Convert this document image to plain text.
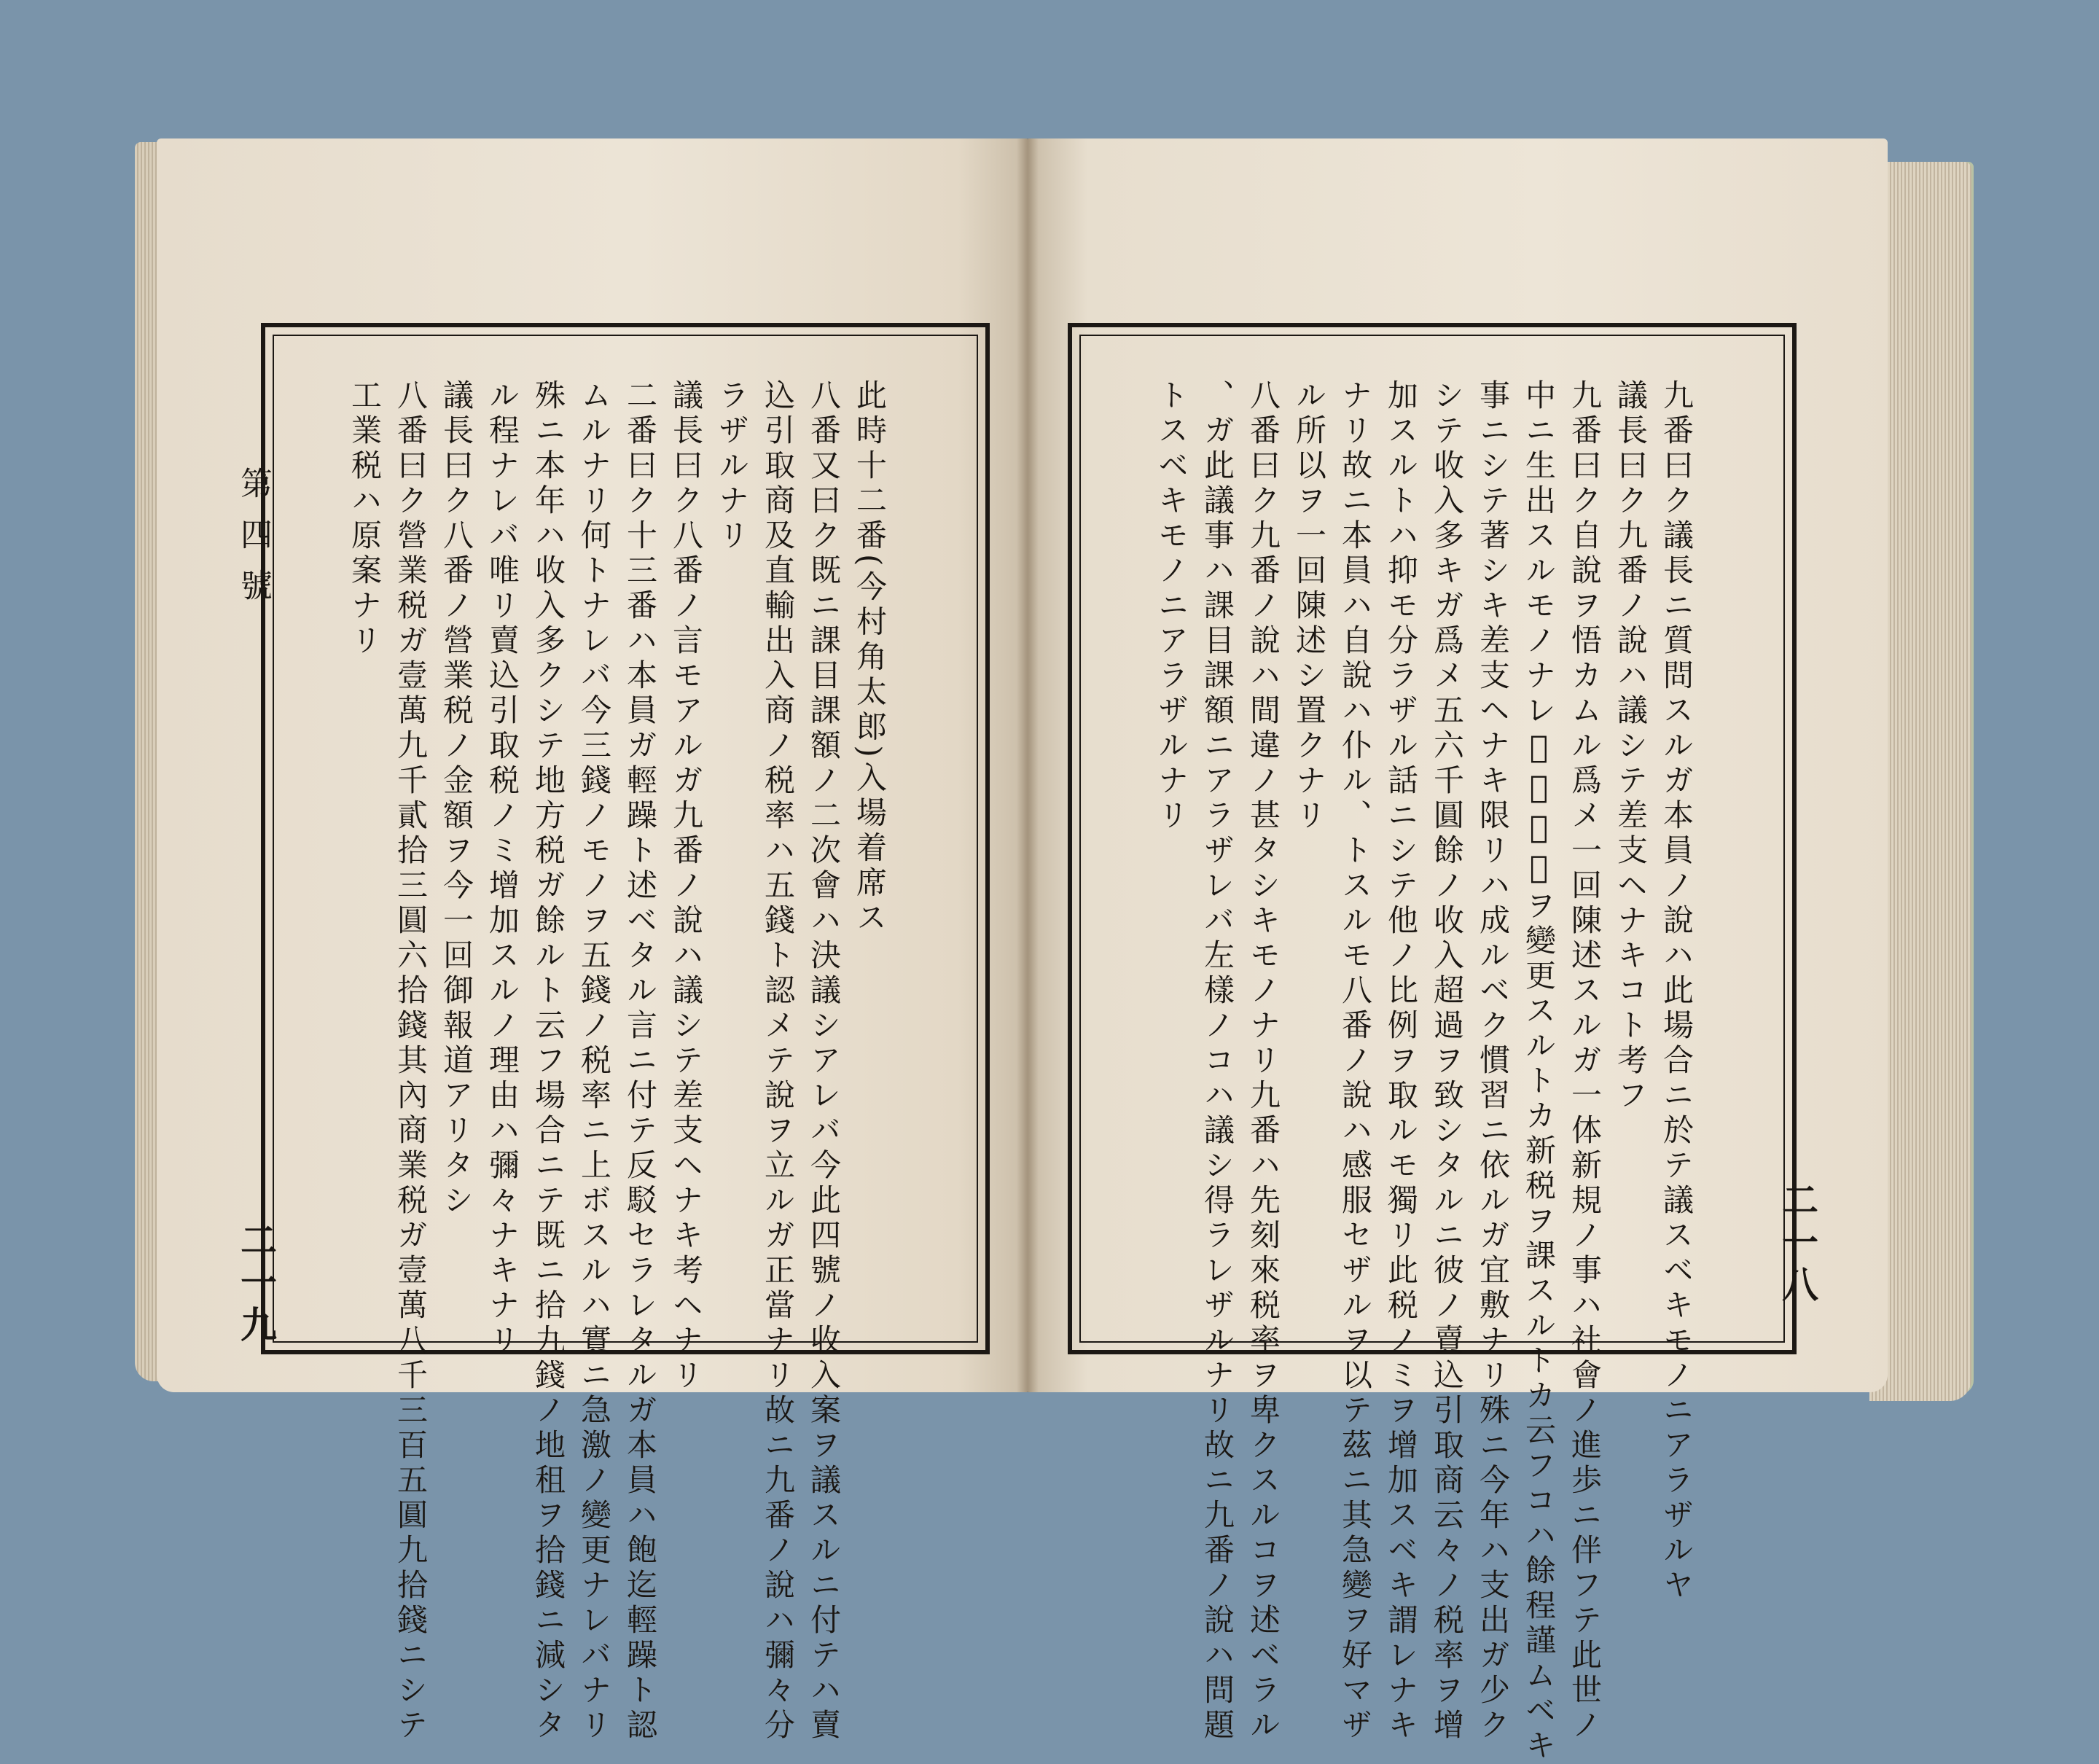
第四號
二一九	二一八
九番曰ク議長ニ質問スルガ本員ノ說ハ此場合ニ於テ議スベキモノニアラザルヤ
議長曰ク九番ノ說ハ議シテ差支ヘナキコト考フ
九番曰ク自說ヲ悟カムル爲メ一回陳述スルガ一体新規ノ事ハ社會ノ進歩ニ伴フテ此世ノ
中ニ生出スルモノナレ𪜈今税率ヲ變更スルトカ新税ヲ課スルトカ云フコハ餘程謹ムベキ
事ニシテ著シキ差支ヘナキ限リハ成ルベク慣習ニ依ルガ宜敷ナリ殊ニ今年ハ支出ガ少ク
シテ收入多キガ爲メ五六千圓餘ノ收入超過ヲ致シタルニ彼ノ賣込引取商云々ノ税率ヲ增
加スルトハ抑モ分ラザル話ニシテ他ノ比例ヲ取ルモ獨リ此税ノミヲ增加スベキ謂レナキ
ナリ故ニ本員ハ自說ハ仆ル、トスルモ八番ノ說ハ感服セザルヲ以テ茲ニ其急變ヲ好マザ
ル所以ヲ一回陳述シ置クナリ
八番曰ク九番ノ說ハ間違ノ甚タシキモノナリ九番ハ先刻來税率ヲ卑クスルコヲ述ベラル
、ガ此議事ハ課目課額ニアラザレバ左樣ノコハ議シ得ラレザルナリ故ニ九番ノ說ハ問題
トスベキモノニアラザルナリ
此時十二番(今村角太郎)入場着席ス
八番又曰ク既ニ課目課額ノ二次會ハ決議シアレバ今此四號ノ收入案ヲ議スルニ付テハ賣
込引取商及直輸出入商ノ税率ハ五錢ト認メテ說ヲ立ルガ正當ナリ故ニ九番ノ說ハ彌々分
ラザルナリ
議長曰ク八番ノ言モアルガ九番ノ說ハ議シテ差支ヘナキ考ヘナリ
二番曰ク十三番ハ本員ガ輕躁ト述ベタル言ニ付テ反駁セラレタルガ本員ハ飽迄輕躁ト認
ムルナリ何トナレバ今三錢ノモノヲ五錢ノ税率ニ上ボスルハ實ニ急激ノ變更ナレバナリ
殊ニ本年ハ收入多クシテ地方税ガ餘ルト云フ場合ニテ既ニ拾九錢ノ地租ヲ拾錢ニ減シタ
ル程ナレバ唯リ賣込引取税ノミ增加スルノ理由ハ彌々ナキナリ
議長曰ク八番ノ營業税ノ金額ヲ今一回御報道アリタシ
八番曰ク營業税ガ壹萬九千貳拾三圓六拾錢其內商業税ガ壹萬八千三百五圓九拾錢ニシテ
工業税ハ原案ナリ
